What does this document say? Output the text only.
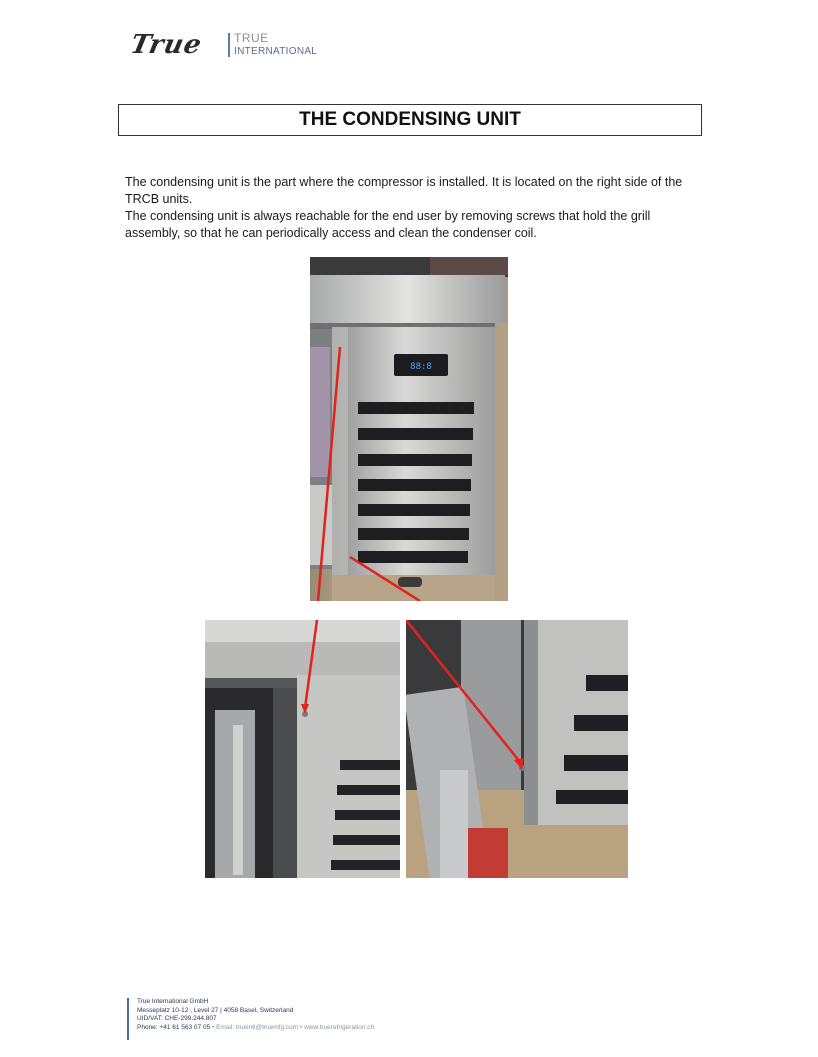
True TRUE
INTERNATIONAL
THE CONDENSING UNIT

The condensing unit is the part where the compressor is installed. It is located on the right side of the TRCB units.

The condensing unit is always reachable for the end user by removing screws that hold the grill assembly, so that he can periodically access and clean the condenser coil.

88:8
True International GmbH
Messeplatz 10-12 , Level 27 | 4058 Basel, Switzerland
UID/VAT: CHE-299.244.807
Phone: +41 61 563 07 05 • Email: trueintl@truemfg.com • www.truerefrigeration.ch
